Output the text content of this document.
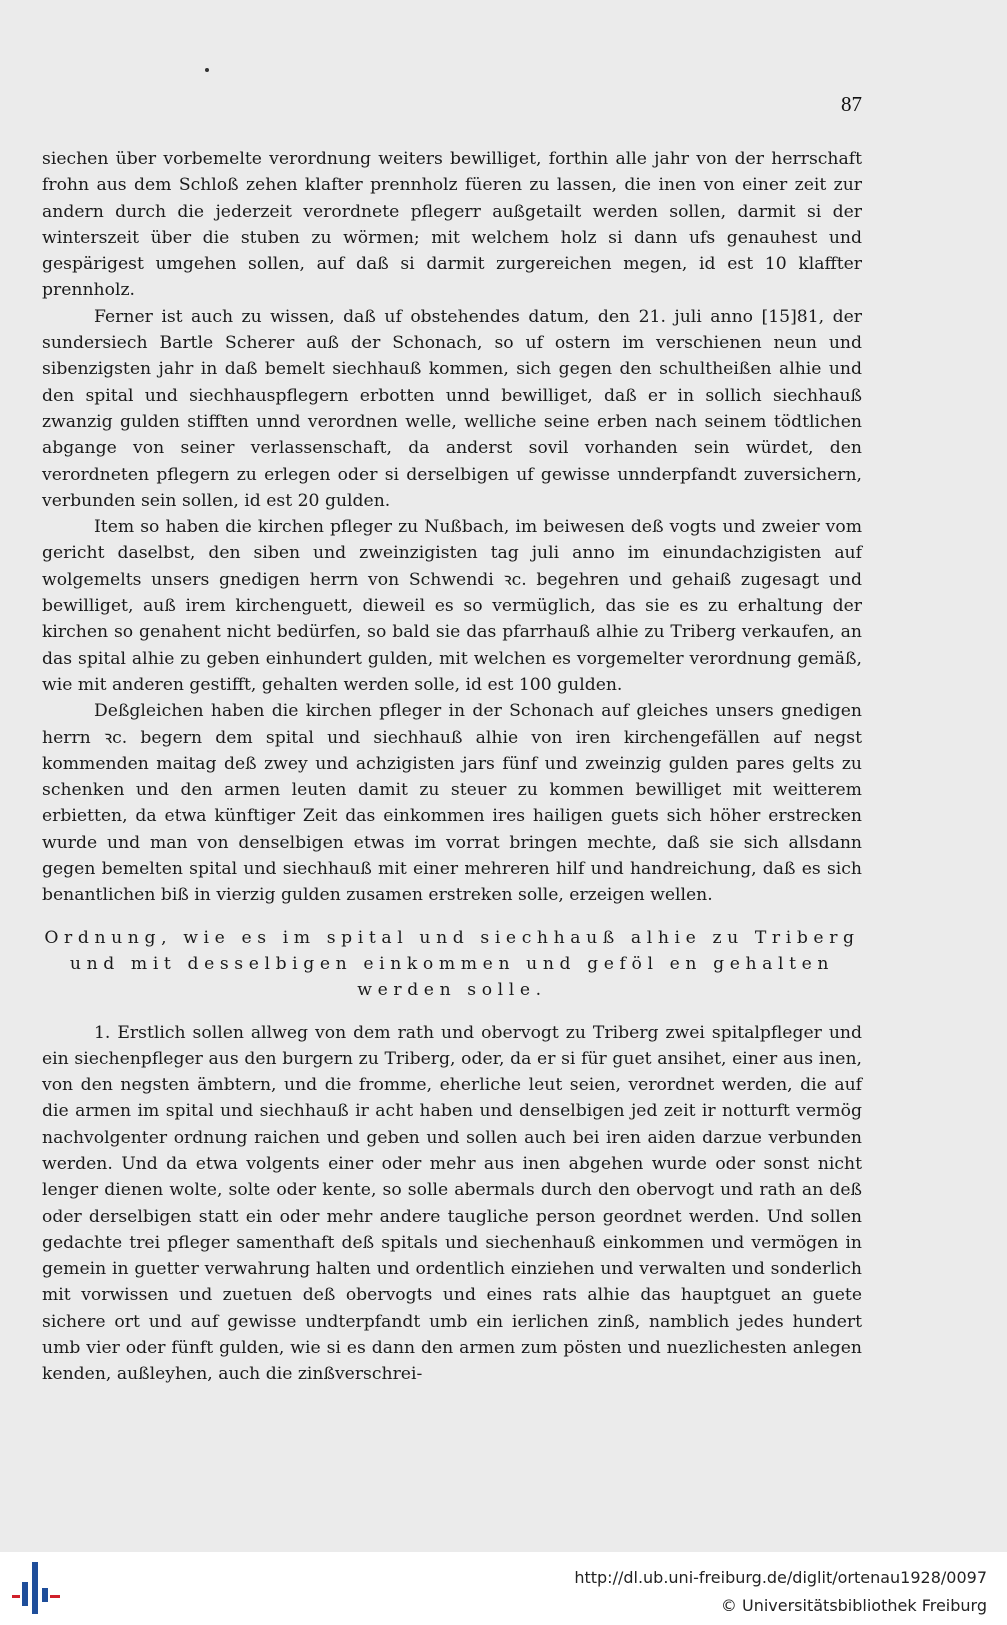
87

siechen über vorbemelte verordnung weiters bewilliget, forthin alle jahr von der herrschaft frohn aus dem Schloß zehen klafter prennholz füeren zu lassen, die inen von einer zeit zur andern durch die jederzeit verordnete pflegerr außgetailt werden sollen, darmit si der winterszeit über die stuben zu wörmen; mit welchem holz si dann ufs genauhest und gespärigest umgehen sollen, auf daß si darmit zurgereichen megen, id est 10 klaffter prennholz.

Ferner ist auch zu wissen, daß uf obstehendes datum, den 21. juli anno [15]81, der sundersiech Bartle Scherer auß der Schonach, so uf ostern im verschienen neun und sibenzigsten jahr in daß bemelt siechhauß kommen, sich gegen den schultheißen alhie und den spital und siechhauspflegern erbotten unnd bewilliget, daß er in sollich siechhauß zwanzig gulden stifften unnd verordnen welle, welliche seine erben nach seinem tödtlichen abgange von seiner verlassenschaft, da anderst sovil vorhanden sein würdet, den verordneten pflegern zu erlegen oder si derselbigen uf gewisse unnderpfandt zuversichern, verbunden sein sollen, id est 20 gulden.

Item so haben die kirchen pfleger zu Nußbach, im beiwesen deß vogts und zweier vom gericht daselbst, den siben und zweinzigisten tag juli anno im einundachzigisten auf wolgemelts unsers gnedigen herrn von Schwendi ꝛc. begehren und gehaiß zugesagt und bewilliget, auß irem kirchenguett, dieweil es so vermüglich, das sie es zu erhaltung der kirchen so genahent nicht bedürfen, so bald sie das pfarrhauß alhie zu Triberg verkaufen, an das spital alhie zu geben einhundert gulden, mit welchen es vorgemelter verordnung gemäß, wie mit anderen gestifft, gehalten werden solle, id est 100 gulden.

Deßgleichen haben die kirchen pfleger in der Schonach auf gleiches unsers gnedigen herrn ꝛc. begern dem spital und siechhauß alhie von iren kirchengefällen auf negst kommenden maitag deß zwey und achzigisten jars fünf und zweinzig gulden pares gelts zu schenken und den armen leuten damit zu steuer zu kommen bewilliget mit weitterem erbietten, da etwa künftiger Zeit das einkommen ires hailigen guets sich höher erstrecken wurde und man von denselbigen etwas im vorrat bringen mechte, daß sie sich allsdann gegen bemelten spital und siechhauß mit einer mehreren hilf und handreichung, daß es sich benantlichen biß in vierzig gulden zusamen erstreken solle, erzeigen wellen.

Ordnung, wie es im spital und siechhauß alhie zu Triberg
und mit desselbigen einkommen und geföl en gehalten
werden solle.

1. Erstlich sollen allweg von dem rath und obervogt zu Triberg zwei spitalpfleger und ein siechenpfleger aus den burgern zu Triberg, oder, da er si für guet ansihet, einer aus inen, von den negsten ämbtern, und die fromme, eherliche leut seien, verordnet werden, die auf die armen im spital und siechhauß ir acht haben und denselbigen jed zeit ir notturft vermög nachvolgenter ordnung raichen und geben und sollen auch bei iren aiden darzue verbunden werden. Und da etwa volgents einer oder mehr aus inen abgehen wurde oder sonst nicht lenger dienen wolte, solte oder kente, so solle abermals durch den obervogt und rath an deß oder derselbigen statt ein oder mehr andere taugliche person geordnet werden. Und sollen gedachte trei pfleger samenthaft deß spitals und siechenhauß einkommen und vermögen in gemein in guetter verwahrung halten und ordentlich einziehen und verwalten und sonderlich mit vorwissen und zuetuen deß obervogts und eines rats alhie das hauptguet an guete sichere ort und auf gewisse undterpfandt umb ein ierlichen zinß, namblich jedes hundert umb vier oder fünft gulden, wie si es dann den armen zum pösten und nuezlichesten anlegen kenden, außleyhen, auch die zinßverschrei-

http://dl.ub.uni-freiburg.de/diglit/ortenau1928/0097
© Universitätsbibliothek Freiburg
